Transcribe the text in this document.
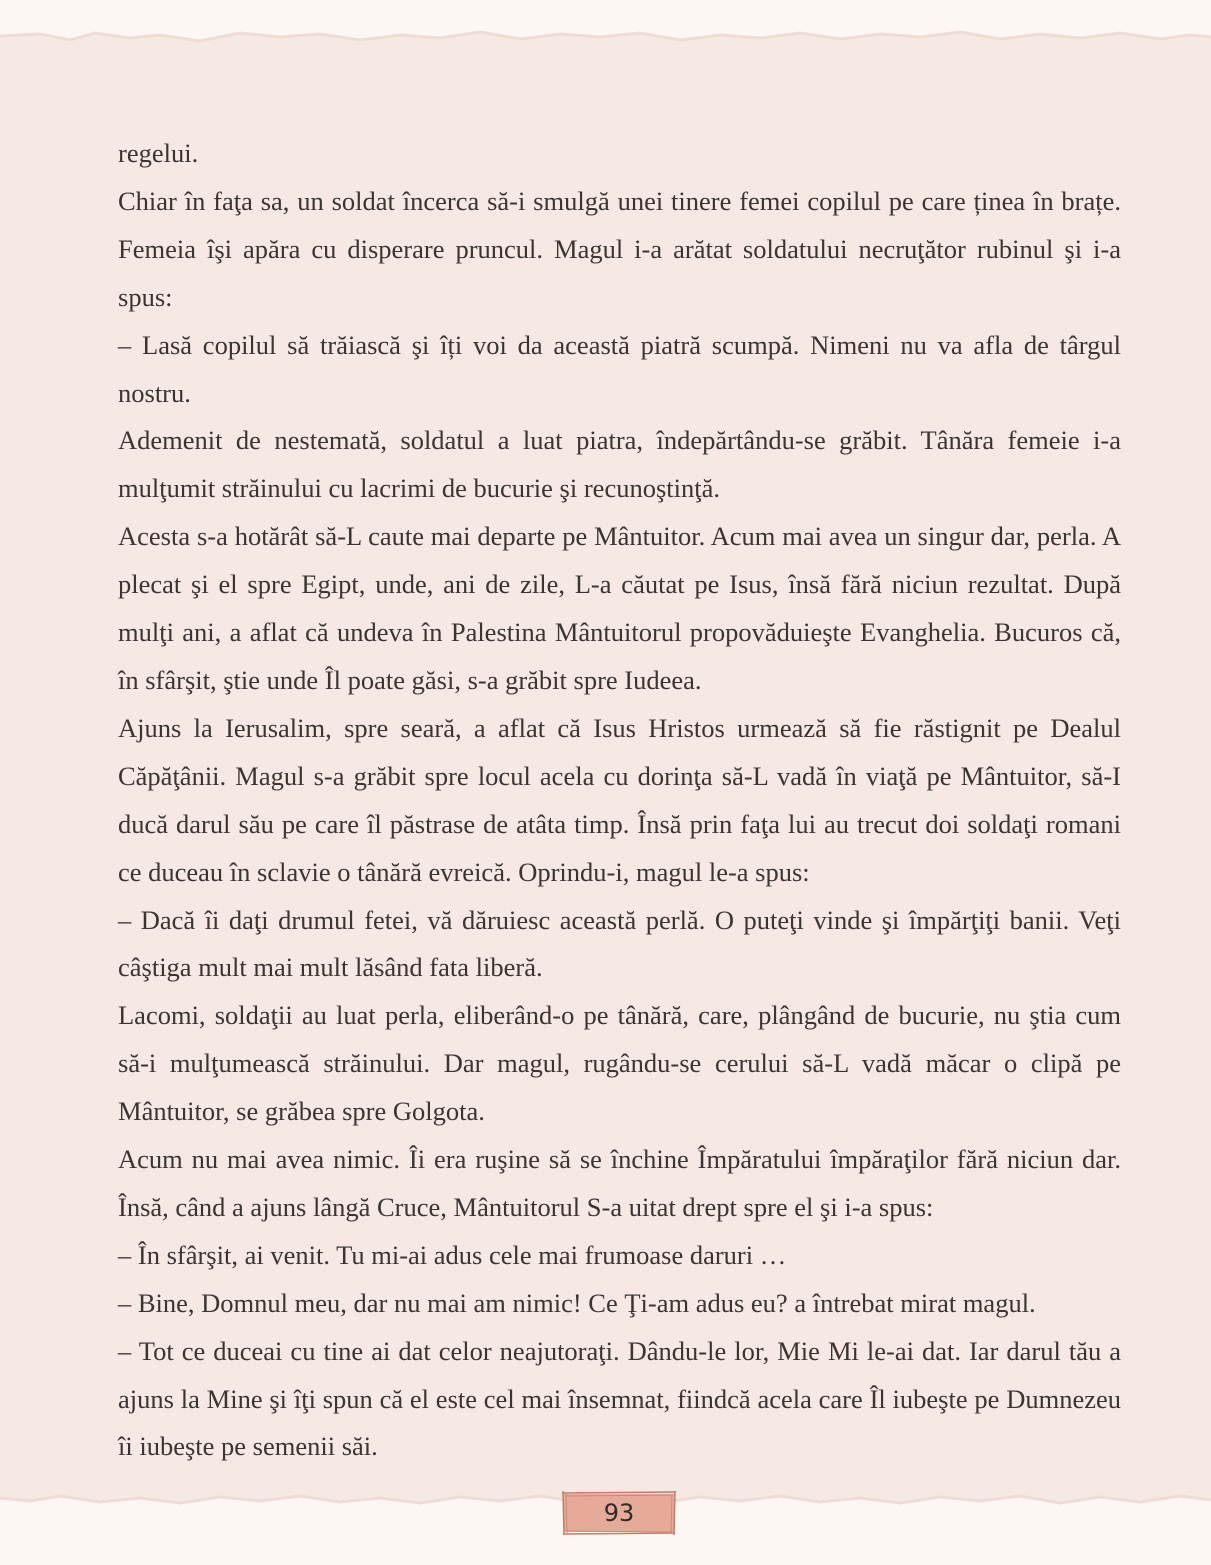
regelui.

Chiar în faţa sa, un soldat încerca să-i smulgă unei tinere femei copilul pe care ținea în brațe. Femeia îşi apăra cu disperare pruncul. Magul i-a arătat soldatului necruţător rubinul şi i-a spus:

– Lasă copilul să trăiască şi îți voi da această piatră scumpă. Nimeni nu va afla de târgul nostru.

Ademenit de nestemată, soldatul a luat piatra, îndepărtându-se grăbit. Tânăra femeie i-a mulţumit străinului cu lacrimi de bucurie şi recunoştinţă.

Acesta s-a hotărât să-L caute mai departe pe Mântuitor. Acum mai avea un singur dar, perla. A plecat şi el spre Egipt, unde, ani de zile, L-a căutat pe Isus, însă fără niciun rezultat. După mulţi ani, a aflat că undeva în Palestina Mântuitorul propovăduieşte Evanghelia. Bucuros că, în sfârşit, ştie unde Îl poate găsi, s-a grăbit spre Iudeea.

Ajuns la Ierusalim, spre seară, a aflat că Isus Hristos urmează să fie răstignit pe Dealul Căpăţânii. Magul s-a grăbit spre locul acela cu dorinţa să-L vadă în viaţă pe Mântuitor, să-I ducă darul său pe care îl păstrase de atâta timp. Însă prin faţa lui au trecut doi soldaţi romani ce duceau în sclavie o tânără evreică. Oprindu-i, magul le-a spus:

– Dacă îi daţi drumul fetei, vă dăruiesc această perlă. O puteţi vinde şi împărţiţi banii. Veţi câştiga mult mai mult lăsând fata liberă.

Lacomi, soldaţii au luat perla, eliberând-o pe tânără, care, plângând de bucurie, nu ştia cum să-i mulţumească străinului. Dar magul, rugându-se cerului să-L vadă măcar o clipă pe Mântuitor, se grăbea spre Golgota.

Acum nu mai avea nimic. Îi era ruşine să se închine Împăratului împăraţilor fără niciun dar. Însă, când a ajuns lângă Cruce, Mântuitorul S-a uitat drept spre el şi i-a spus:

– În sfârşit, ai venit. Tu mi-ai adus cele mai frumoase daruri …

– Bine, Domnul meu, dar nu mai am nimic! Ce Ţi-am adus eu? a întrebat mirat magul.

– Tot ce duceai cu tine ai dat celor neajutoraţi. Dându-le lor, Mie Mi le-ai dat. Iar darul tău a ajuns la Mine şi îţi spun că el este cel mai însemnat, fiindcă acela care Îl iubeşte pe Dumnezeu îi iubeşte pe semenii săi.

93
